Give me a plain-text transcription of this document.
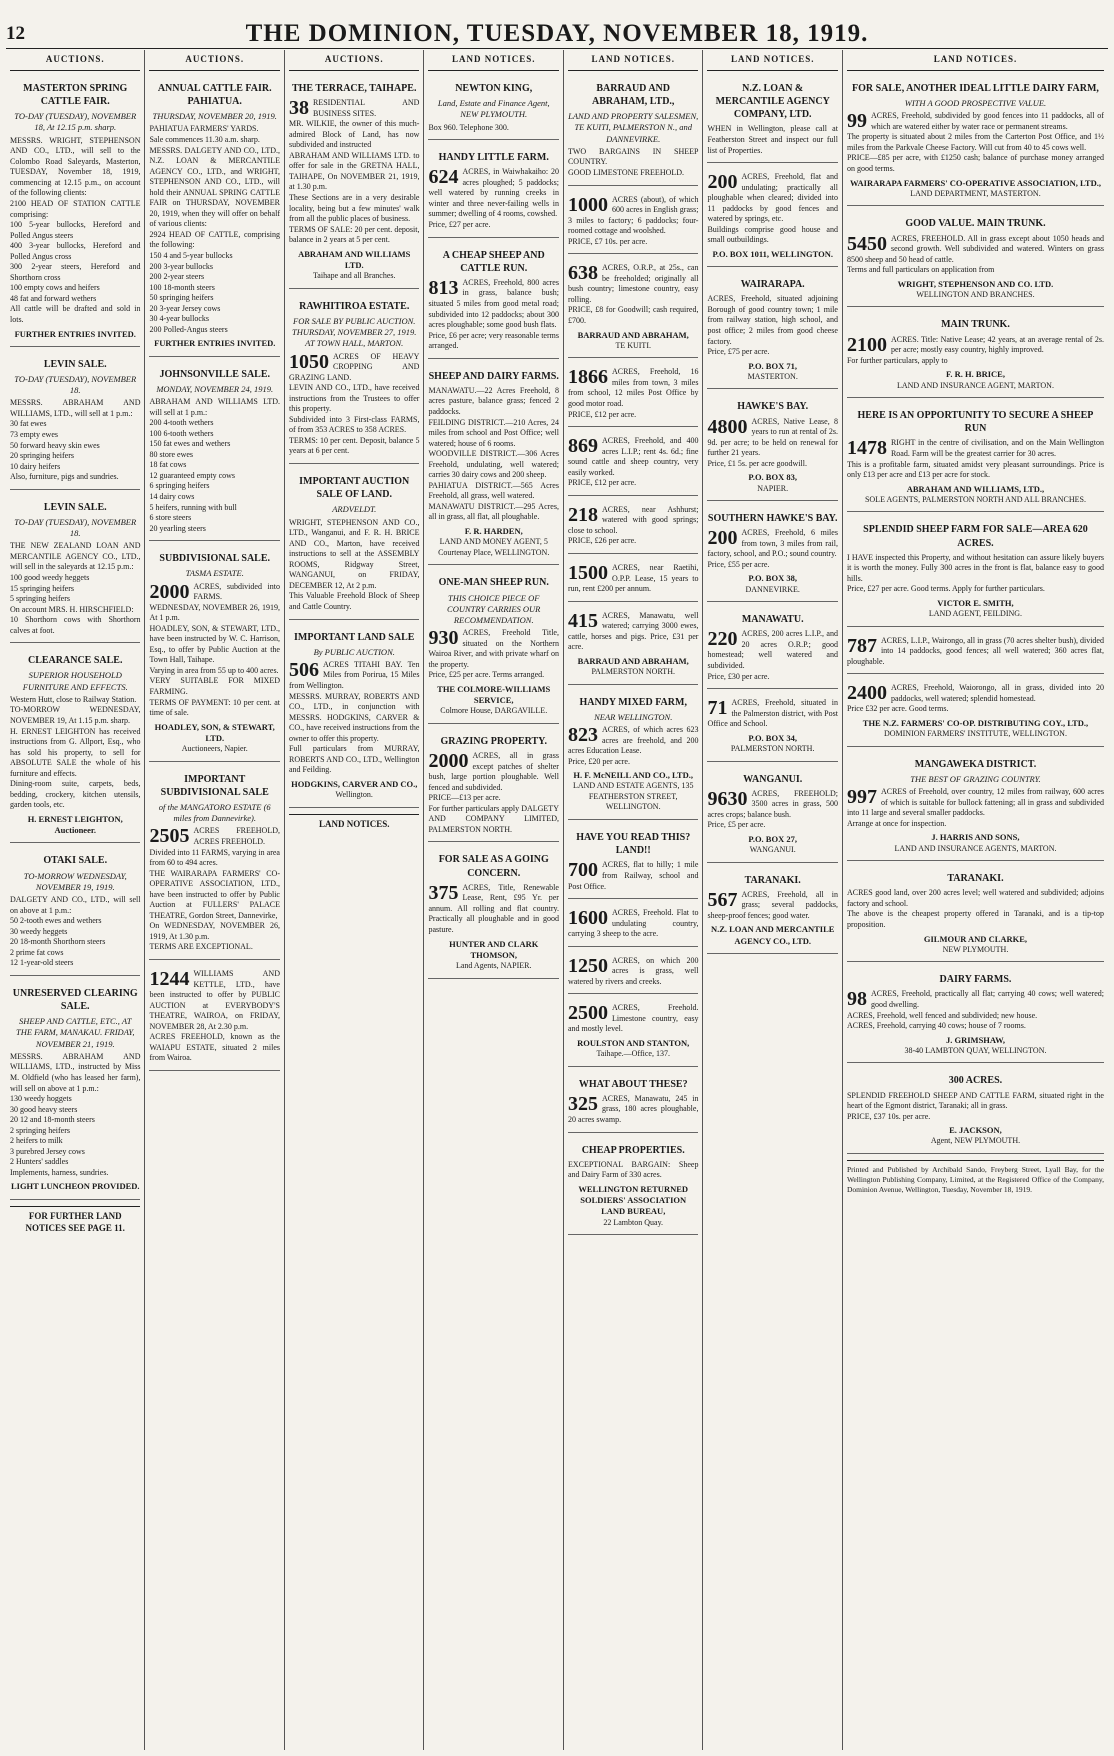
12	THE DOMINION, TUESDAY, NOVEMBER 18, 1919.
AUCTIONS.
MASTERTON SPRING CATTLE FAIR.
TO-DAY (TUESDAY), NOVEMBER 18, At 12.15 p.m. sharp.
MESSRS. WRIGHT, STEPHENSON AND CO., LTD., will sell to the Colombo Road Saleyards, Masterton, TUESDAY, November 18, 1919, commencing at 12.15 p.m., on account of the following clients:
2100 HEAD OF STATION CATTLE comprising:
100 5-year bullocks, Hereford and Polled Angus steers
400 3-year bullocks, Hereford and Polled Angus cross
300 2-year steers, Hereford and Shorthorn cross
100 empty cows and heifers
48 fat and forward wethers
All cattle will be drafted and sold in lots.
FURTHER ENTRIES INVITED.
LEVIN SALE.
TO-DAY (TUESDAY), NOVEMBER 18.
MESSRS. ABRAHAM AND WILLIAMS, LTD., will sell at 1 p.m.:
30 fat ewes
73 empty ewes
50 forward heavy skin ewes
20 springing heifers
10 dairy heifers
Also, furniture, pigs and sundries.
LEVIN SALE.
TO-DAY (TUESDAY), NOVEMBER 18.
THE NEW ZEALAND LOAN AND MERCANTILE AGENCY CO., LTD., will sell in the saleyards at 12.15 p.m.:
100 good weedy heggets
15 springing heifers
5 springing heifers
On account MRS. H. HIRSCHFIELD:
10 Shorthorn cows with Shorthorn calves at foot.
CLEARANCE SALE.
SUPERIOR HOUSEHOLD FURNITURE AND EFFECTS.
Western Hutt, close to Railway Station.
TO-MORROW WEDNESDAY, NOVEMBER 19, At 1.15 p.m. sharp.
H. ERNEST LEIGHTON has received instructions from G. Allport, Esq., who has sold his property, to sell for ABSOLUTE SALE the whole of his furniture and effects.
Dining-room suite, carpets, beds, bedding, crockery, kitchen utensils, garden tools, etc.
H. ERNEST LEIGHTON, Auctioneer.
OTAKI SALE.
TO-MORROW WEDNESDAY, NOVEMBER 19, 1919.
DALGETY AND CO., LTD., will sell on above at 1 p.m.:
50 2-tooth ewes and wethers
30 weedy heggets
20 18-month Shorthorn steers
2 prime fat cows
12 1-year-old steers
UNRESERVED CLEARING SALE.
SHEEP AND CATTLE, ETC., AT THE FARM, MANAKAU. FRIDAY, NOVEMBER 21, 1919.
MESSRS. ABRAHAM AND WILLIAMS, LTD., instructed by Miss M. Oldfield (who has leased her farm), will sell on above at 1 p.m.:
130 weedy hoggets
30 good heavy steers
20 12 and 18-month steers
2 springing heifers
2 heifers to milk
3 purebred Jersey cows
2 Hunters' saddles
Implements, harness, sundries.
LIGHT LUNCHEON PROVIDED.
FOR FURTHER LAND NOTICES SEE PAGE 11.
AUCTIONS.
ANNUAL CATTLE FAIR. PAHIATUA.
THURSDAY, NOVEMBER 20, 1919.
PAHIATUA FARMERS' YARDS.
Sale commences 11.30 a.m. sharp.
MESSRS. DALGETY AND CO., LTD., N.Z. LOAN & MERCANTILE AGENCY CO., LTD., and WRIGHT, STEPHENSON AND CO., LTD., will hold their ANNUAL SPRING CATTLE FAIR on THURSDAY, NOVEMBER 20, 1919, when they will offer on behalf of various clients:
2924 HEAD OF CATTLE, comprising the following:
150 4 and 5-year bullocks
200 3-year bullocks
200 2-year steers
100 18-month steers
50 springing heifers
20 3-year Jersey cows
30 4-year bullocks
200 Polled-Angus steers
FURTHER ENTRIES INVITED.
JOHNSONVILLE SALE.
MONDAY, NOVEMBER 24, 1919.
ABRAHAM AND WILLIAMS LTD. will sell at 1 p.m.:
200 4-tooth wethers
100 6-tooth wethers
150 fat ewes and wethers
80 store ewes
18 fat cows
12 guaranteed empty cows
6 springing heifers
14 dairy cows
5 heifers, running with bull
6 store steers
20 yearling steers
SUBDIVISIONAL SALE.
TASMA ESTATE.
2000 ACRES, subdivided into FARMS.
WEDNESDAY, NOVEMBER 26, 1919, At 1 p.m.
HOADLEY, SON, & STEWART, LTD., have been instructed by W. C. Harrison, Esq., to offer by Public Auction at the Town Hall, Taihape.
Varying in area from 55 up to 400 acres.
VERY SUITABLE FOR MIXED FARMING.
TERMS OF PAYMENT: 10 per cent. at time of sale.
HOADLEY, SON, & STEWART, LTD.
Auctioneers, Napier.
IMPORTANT SUBDIVISIONAL SALE
of the MANGATORO ESTATE (6 miles from Dannevirke).
2505 ACRES FREEHOLD, ACRES FREEHOLD.
Divided into 11 FARMS, varying in area from 60 to 494 acres.
THE WAIRARAPA FARMERS' CO-OPERATIVE ASSOCIATION, LTD., have been instructed to offer by Public Auction at FULLERS' PALACE THEATRE, Gordon Street, Dannevirke,
On WEDNESDAY, NOVEMBER 26, 1919, At 1.30 p.m.
TERMS ARE EXCEPTIONAL.
1244 WILLIAMS AND KETTLE, LTD., have been instructed to offer by PUBLIC AUCTION at EVERYBODY'S THEATRE, WAIROA, on FRIDAY, NOVEMBER 28, At 2.30 p.m.
ACRES FREEHOLD, known as the WAIAPU ESTATE, situated 2 miles from Wairoa.
AUCTIONS.
THE TERRACE, TAIHAPE.
38 RESIDENTIAL AND BUSINESS SITES.
MR. WILKIE, the owner of this much-admired Block of Land, has now subdivided and instructed
ABRAHAM AND WILLIAMS LTD. to offer for sale in the GRETNA HALL, TAIHAPE, On NOVEMBER 21, 1919, at 1.30 p.m.
These Sections are in a very desirable locality, being but a few minutes' walk from all the public places of business.
TERMS OF SALE: 20 per cent. deposit, balance in 2 years at 5 per cent.
ABRAHAM AND WILLIAMS LTD.
Taihape and all Branches.
RAWHITIROA ESTATE.
FOR SALE BY PUBLIC AUCTION. THURSDAY, NOVEMBER 27, 1919. AT TOWN HALL, MARTON.
1050 ACRES OF HEAVY CROPPING AND GRAZING LAND.
LEVIN AND CO., LTD., have received instructions from the Trustees to offer this property.
Subdivided into 3 First-class FARMS, of from 353 ACRES to 358 ACRES.
TERMS: 10 per cent. Deposit, balance 5 years at 6 per cent.
IMPORTANT AUCTION SALE OF LAND.
ARDVELDT.
WRIGHT, STEPHENSON AND CO., LTD., Wanganui, and F. R. H. BRICE AND CO., Marton, have received instructions to sell at the ASSEMBLY ROOMS, Ridgway Street, WANGANUI, on FRIDAY, DECEMBER 12, At 2 p.m.
This Valuable Freehold Block of Sheep and Cattle Country.
IMPORTANT LAND SALE
By PUBLIC AUCTION.
506 ACRES TITAHI BAY. Ten Miles from Porirua, 15 Miles from Wellington.
MESSRS. MURRAY, ROBERTS AND CO., LTD., in conjunction with MESSRS. HODGKINS, CARVER & CO., have received instructions from the owner to offer this property.
Full particulars from MURRAY, ROBERTS AND CO., LTD., Wellington and Feilding.
HODGKINS, CARVER AND CO.,
Wellington.
LAND NOTICES.
LAND NOTICES.
NEWTON KING,
Land, Estate and Finance Agent, NEW PLYMOUTH.
Box 960. Telephone 300.
HANDY LITTLE FARM.
624 ACRES, in Waiwhakaiho: 20 acres ploughed; 5 paddocks; well watered by running creeks in winter and three never-failing wells in summer; dwelling of 4 rooms, cowshed.
Price, £27 per acre.
A CHEAP SHEEP AND CATTLE RUN.
813 ACRES, Freehold, 800 acres in grass, balance bush; situated 5 miles from good metal road; subdivided into 12 paddocks; about 300 acres ploughable; some good bush flats.
Price, £6 per acre; very reasonable terms arranged.
SHEEP AND DAIRY FARMS.
MANAWATU.—22 Acres Freehold, 8 acres pasture, balance grass; fenced 2 paddocks.
FEILDING DISTRICT.—210 Acres, 24 miles from school and Post Office; well watered; house of 6 rooms.
WOODVILLE DISTRICT.—306 Acres Freehold, undulating, well watered; carries 30 dairy cows and 200 sheep.
PAHIATUA DISTRICT.—565 Acres Freehold, all grass, well watered.
MANAWATU DISTRICT.—295 Acres, all in grass, all flat, all ploughable.
F. R. HARDEN,
LAND AND MONEY AGENT, 5 Courtenay Place, WELLINGTON.
ONE-MAN SHEEP RUN.
THIS CHOICE PIECE OF COUNTRY CARRIES OUR RECOMMENDATION.
930 ACRES, Freehold Title, situated on the Northern Wairoa River, and with private wharf on the property.
Price, £25 per acre. Terms arranged.
THE COLMORE-WILLIAMS SERVICE,
Colmore House, DARGAVILLE.
GRAZING PROPERTY.
2000 ACRES, all in grass except patches of shelter bush, large portion ploughable. Well fenced and subdivided.
PRICE—£13 per acre.
For further particulars apply DALGETY AND COMPANY LIMITED, PALMERSTON NORTH.
FOR SALE AS A GOING CONCERN.
375 ACRES, Title, Renewable Lease, Rent, £95 Yr. per annum. All rolling and flat country. Practically all ploughable and in good pasture.
HUNTER AND CLARK THOMSON,
Land Agents, NAPIER.
LAND NOTICES.
BARRAUD AND ABRAHAM, LTD.,
LAND AND PROPERTY SALESMEN, TE KUITI, PALMERSTON N., and DANNEVIRKE.
TWO BARGAINS IN SHEEP COUNTRY.
GOOD LIMESTONE FREEHOLD.
1000 ACRES (about), of which 600 acres in English grass; 3 miles to factory; 6 paddocks; four-roomed cottage and woolshed.
PRICE, £7 10s. per acre.
638 ACRES, O.R.P., at 25s., can be freeholded; originally all bush country; limestone country, easy rolling.
PRICE, £8 for Goodwill; cash required, £700.
BARRAUD AND ABRAHAM,
TE KUITI.
1866 ACRES, Freehold, 16 miles from town, 3 miles from school, 12 miles Post Office by good motor road.
PRICE, £12 per acre.
869 ACRES, Freehold, and 400 acres L.I.P.; rent 4s. 6d.; fine sound cattle and sheep country, very easily worked.
PRICE, £12 per acre.
218 ACRES, near Ashhurst; watered with good springs; close to school.
PRICE, £26 per acre.
1500 ACRES, near Raetihi, O.P.P. Lease, 15 years to run, rent £200 per annum.
415 ACRES, Manawatu, well watered; carrying 3000 ewes, cattle, horses and pigs. Price, £31 per acre.
BARRAUD AND ABRAHAM,
PALMERSTON NORTH.
HANDY MIXED FARM,
NEAR WELLINGTON.
823 ACRES, of which acres 623 acres are freehold, and 200 acres Education Lease.
Price, £20 per acre.
H. F. McNEILL AND CO., LTD.,
LAND AND ESTATE AGENTS, 135 FEATHERSTON STREET, WELLINGTON.
HAVE YOU READ THIS? LAND!!
700 ACRES, flat to hilly; 1 mile from Railway, school and Post Office.
1600 ACRES, Freehold. Flat to undulating country, carrying 3 sheep to the acre.
1250 ACRES, on which 200 acres is grass, well watered by rivers and creeks.
2500 ACRES, Freehold. Limestone country, easy and mostly level.
ROULSTON AND STANTON,
Taihape.—Office, 137.
WHAT ABOUT THESE?
325 ACRES, Manawatu, 245 in grass, 180 acres ploughable, 20 acres swamp.
CHEAP PROPERTIES.
EXCEPTIONAL BARGAIN: Sheep and Dairy Farm of 330 acres.
WELLINGTON RETURNED SOLDIERS' ASSOCIATION LAND BUREAU,
22 Lambton Quay.
LAND NOTICES.
N.Z. LOAN & MERCANTILE AGENCY COMPANY, LTD.
WHEN in Wellington, please call at Featherston Street and inspect our full list of Properties.
200 ACRES, Freehold, flat and undulating; practically all ploughable when cleared; divided into 11 paddocks by good fences and watered by springs, etc.
Buildings comprise good house and small outbuildings.
P.O. BOX 1011, WELLINGTON.
WAIRARAPA.
ACRES, Freehold, situated adjoining Borough of good country town; 1 mile from railway station, high school, and post office; 2 miles from good cheese factory.
Price, £75 per acre.
P.O. BOX 71,
MASTERTON.
HAWKE'S BAY.
4800 ACRES, Native Lease, 8 years to run at rental of 2s. 9d. per acre; to be held on renewal for further 21 years.
Price, £1 5s. per acre goodwill.
P.O. BOX 83,
NAPIER.
SOUTHERN HAWKE'S BAY.
200 ACRES, Freehold, 6 miles from town, 3 miles from rail, factory, school, and P.O.; sound country.
Price, £55 per acre.
P.O. BOX 38,
DANNEVIRKE.
MANAWATU.
220 ACRES, 200 acres L.I.P., and 20 acres O.R.P.; good homestead; well watered and subdivided.
Price, £30 per acre.
71 ACRES, Freehold, situated in the Palmerston district, with Post Office and School.
P.O. BOX 34,
PALMERSTON NORTH.
WANGANUI.
9630 ACRES, FREEHOLD; 3500 acres in grass, 500 acres crops; balance bush.
Price, £5 per acre.
P.O. BOX 27,
WANGANUI.
TARANAKI.
567 ACRES, Freehold, all in grass; several paddocks, sheep-proof fences; good water.
N.Z. LOAN AND MERCANTILE AGENCY CO., LTD.
LAND NOTICES.
FOR SALE, ANOTHER IDEAL LITTLE DAIRY FARM,
WITH A GOOD PROSPECTIVE VALUE.
99 ACRES, Freehold, subdivided by good fences into 11 paddocks, all of which are watered either by water race or permanent streams.
The property is situated about 2 miles from the Carterton Post Office, and 1½ miles from the Parkvale Cheese Factory. Will cut from 40 to 45 cows well.
PRICE—£85 per acre, with £1250 cash; balance of purchase money arranged on good terms.
WAIRARAPA FARMERS' CO-OPERATIVE ASSOCIATION, LTD.,
LAND DEPARTMENT, MASTERTON.
GOOD VALUE. MAIN TRUNK.
5450 ACRES, FREEHOLD. All in grass except about 1050 heads and second growth. Well subdivided and watered. Winters on grass 8500 sheep and 50 head of cattle.
Terms and full particulars on application from
WRIGHT, STEPHENSON AND CO. LTD.
WELLINGTON AND BRANCHES.
MAIN TRUNK.
2100 ACRES. Title: Native Lease; 42 years, at an average rental of 2s. per acre; mostly easy country, highly improved.
For further particulars, apply to
F. R. H. BRICE,
LAND AND INSURANCE AGENT, MARTON.
HERE IS AN OPPORTUNITY TO SECURE A SHEEP RUN
1478 RIGHT in the centre of civilisation, and on the Main Wellington Road. Farm will be the greatest carrier for 30 acres.
This is a profitable farm, situated amidst very pleasant surroundings. Price is only £13 per acre and £13 per acre for stock.
ABRAHAM AND WILLIAMS, LTD.,
SOLE AGENTS, PALMERSTON NORTH AND ALL BRANCHES.
SPLENDID SHEEP FARM FOR SALE—AREA 620 ACRES.
I HAVE inspected this Property, and without hesitation can assure likely buyers it is worth the money. Fully 300 acres in the front is flat, balance easy to good hills.
Price, £27 per acre. Good terms. Apply for further particulars.
VICTOR E. SMITH,
LAND AGENT, FEILDING.
787 ACRES, L.I.P., Wairongo, all in grass (70 acres shelter bush), divided into 14 paddocks, good fences; all well watered; 360 acres flat, ploughable.
2400 ACRES, Freehold, Waiorongo, all in grass, divided into 20 paddocks, well watered; splendid homestead.
Price £32 per acre. Good terms.
THE N.Z. FARMERS' CO-OP. DISTRIBUTING COY., LTD.,
DOMINION FARMERS' INSTITUTE, WELLINGTON.
MANGAWEKA DISTRICT.
THE BEST OF GRAZING COUNTRY.
997 ACRES of Freehold, over country, 12 miles from railway, 600 acres of which is suitable for bullock fattening; all in grass and subdivided into 11 large and several smaller paddocks.
Arrange at once for inspection.
J. HARRIS AND SONS,
LAND AND INSURANCE AGENTS, MARTON.
TARANAKI.
ACRES good land, over 200 acres level; well watered and subdivided; adjoins factory and school.
The above is the cheapest property offered in Taranaki, and is a tip-top proposition.
GILMOUR AND CLARKE,
NEW PLYMOUTH.
DAIRY FARMS.
98 ACRES, Freehold, practically all flat; carrying 40 cows; well watered; good dwelling.
ACRES, Freehold, well fenced and subdivided; new house.
ACRES, Freehold, carrying 40 cows; house of 7 rooms.
J. GRIMSHAW,
38-40 LAMBTON QUAY, WELLINGTON.
300 ACRES.
SPLENDID FREEHOLD SHEEP AND CATTLE FARM, situated right in the heart of the Egmont district, Taranaki; all in grass.
PRICE, £37 10s. per acre.
E. JACKSON,
Agent, NEW PLYMOUTH.
Printed and Published by Archibald Sando, Freyberg Street, Lyall Bay, for the Wellington Publishing Company, Limited, at the Registered Office of the Company, Dominion Avenue, Wellington, Tuesday, November 18, 1919.
